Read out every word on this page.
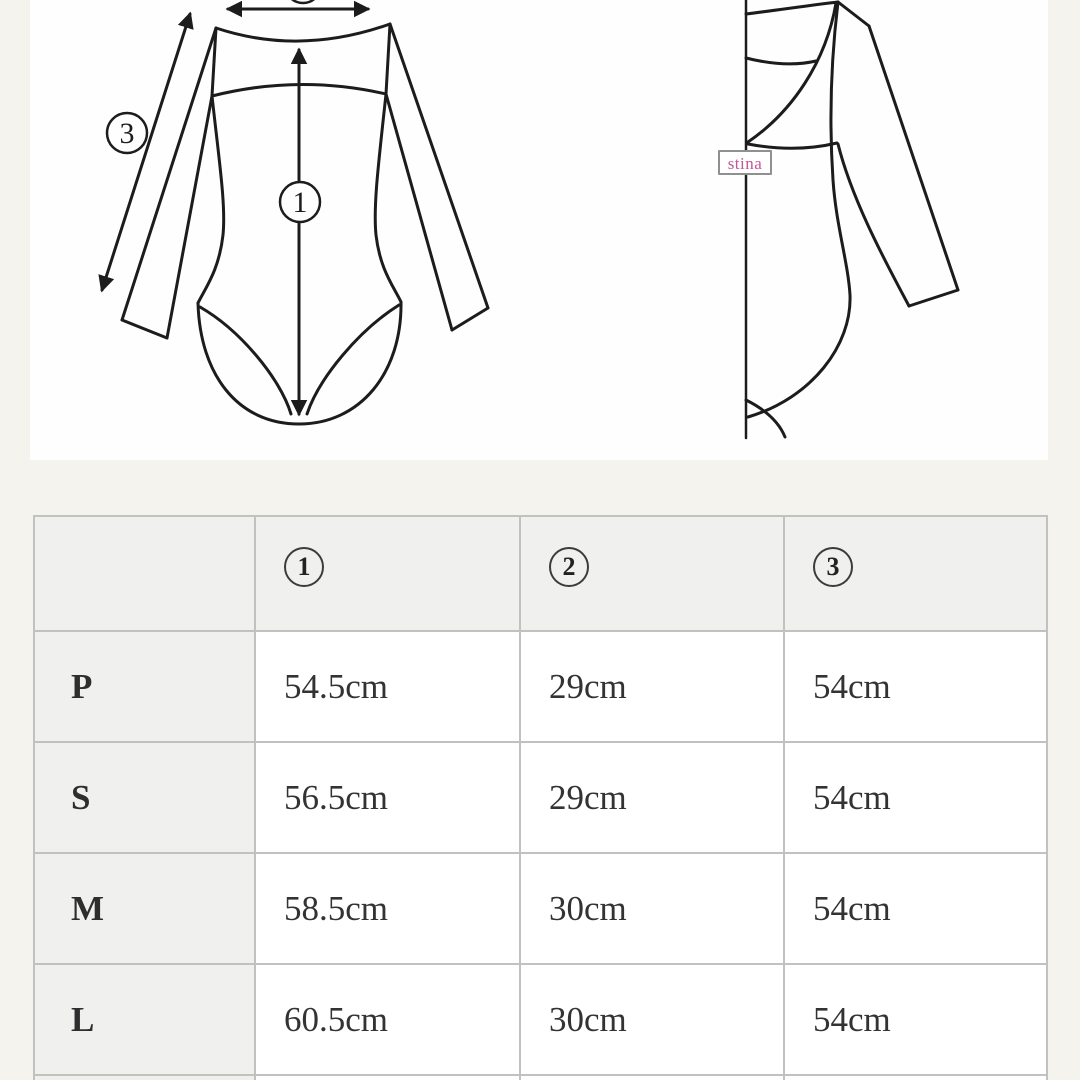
1
3
stina
	1	2	3

P	54.5cm	29cm	54cm

S	56.5cm	29cm	54cm

M	58.5cm	30cm	54cm

L	60.5cm	30cm	54cm
